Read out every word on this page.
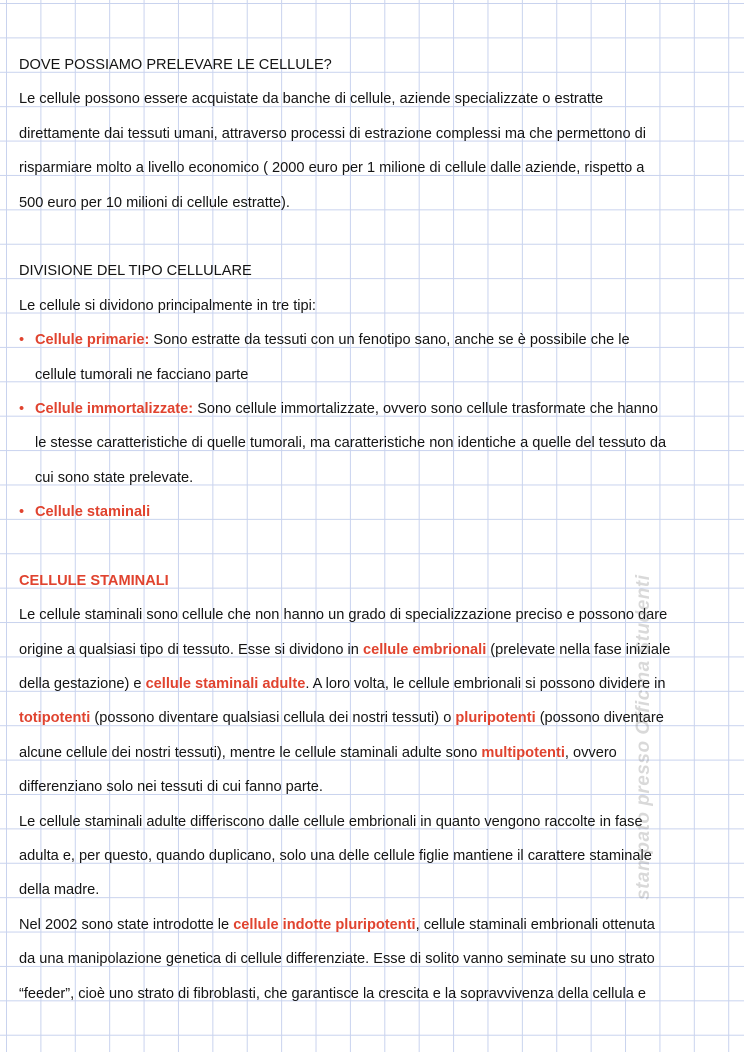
DOVE POSSIAMO PRELEVARE LE CELLULE?
Le cellule possono essere acquistate da banche di cellule, aziende specializzate o estratte
direttamente dai tessuti umani, attraverso processi di estrazione complessi ma che permettono di
risparmiare molto a livello economico ( 2000 euro per 1 milione di cellule dalle aziende, rispetto a
500 euro per 10 milioni di cellule estratte).
DIVISIONE DEL TIPO CELLULARE
Le cellule si dividono principalmente in tre tipi:
• Cellule primarie: Sono estratte da tessuti con un fenotipo sano, anche se è possibile che le
cellule tumorali ne facciano parte
• Cellule immortalizzate: Sono cellule immortalizzate, ovvero sono cellule trasformate che hanno
le stesse caratteristiche di quelle tumorali, ma caratteristiche non identiche a quelle del tessuto da
cui sono state prelevate.
• Cellule staminali
CELLULE STAMINALI
Le cellule staminali sono cellule che non hanno un grado di specializzazione preciso e possono dare
origine a qualsiasi tipo di tessuto. Esse si dividono in cellule embrionali (prelevate nella fase iniziale
della gestazione) e cellule staminali adulte. A loro volta, le cellule embrionali si possono dividere in
totipotenti (possono diventare qualsiasi cellula dei nostri tessuti) o pluripotenti (possono diventare
alcune cellule dei nostri tessuti), mentre le cellule staminali adulte sono multipotenti, ovvero
differenziano solo nei tessuti di cui fanno parte.
Le cellule staminali adulte differiscono dalle cellule embrionali in quanto vengono raccolte in fase
adulta e, per questo, quando duplicano, solo una delle cellule figlie mantiene il carattere staminale
della madre.
Nel 2002 sono state introdotte le cellule indotte pluripotenti, cellule staminali embrionali ottenuta
da una manipolazione genetica di cellule differenziate. Esse di solito vanno seminate su uno strato
“feeder”, cioè uno strato di fibroblasti, che garantisce la crescita e la sopravvivenza della cellula e
stampato presso Officina Studenti
